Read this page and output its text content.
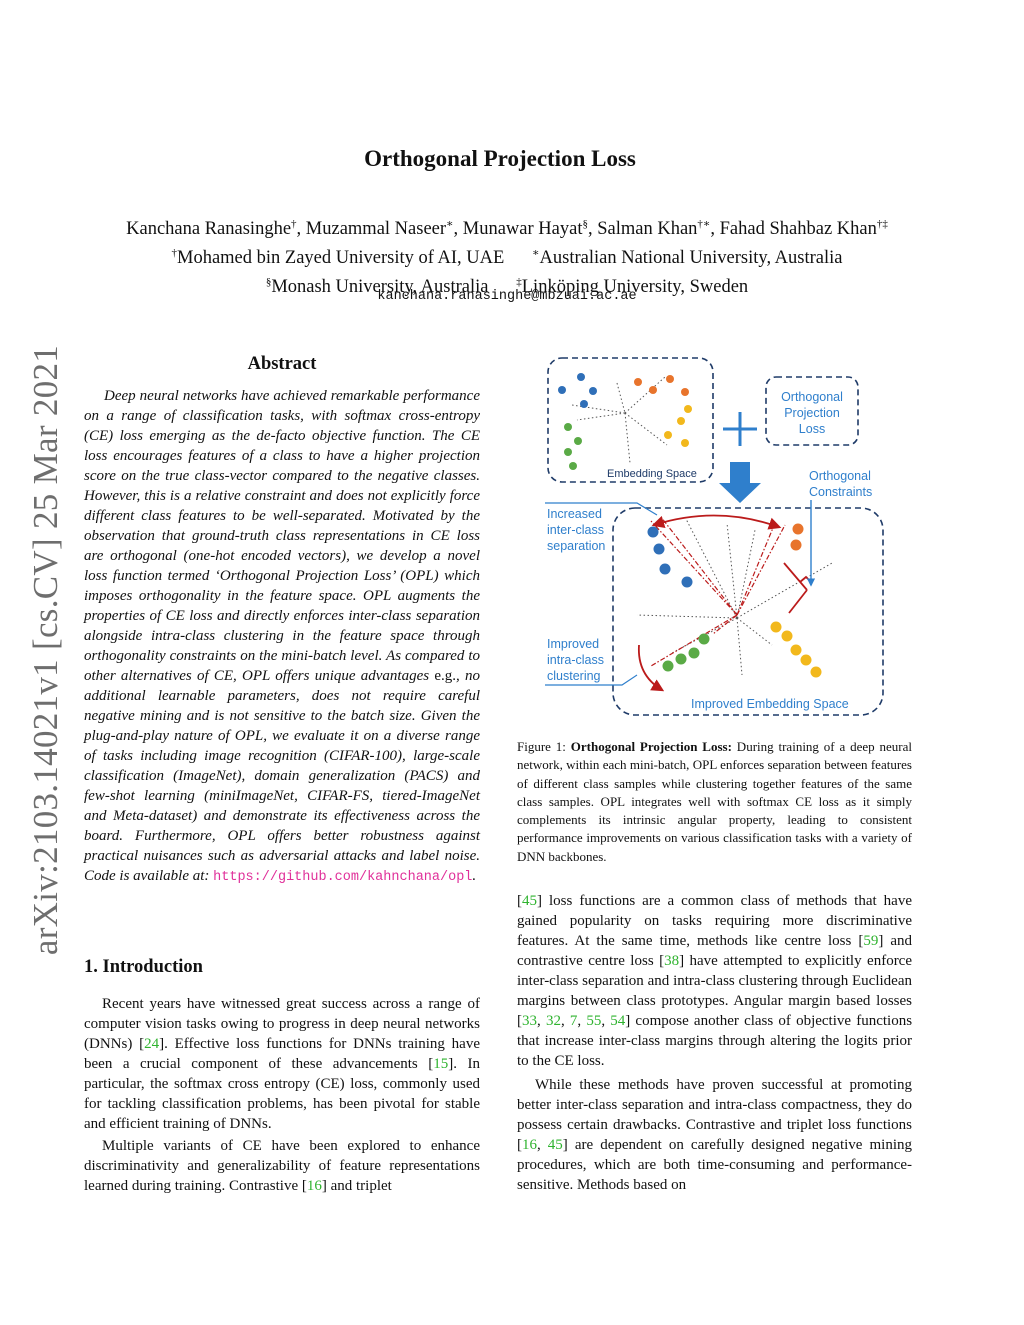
arXiv:2103.14021v1 [cs.CV] 25 Mar 2021
Orthogonal Projection Loss
Kanchana Ranasinghe†, Muzammal Naseer∗, Munawar Hayat§, Salman Khan†∗, Fahad Shahbaz Khan†‡
†Mohamed bin Zayed University of AI, UAE  	∗Australian National University, Australia
§Monash University, Australia  	‡Linköping University, Sweden
kanchana.ranasinghe@mbzuai.ac.ae
Abstract

Deep neural networks have achieved remarkable performance on a range of classification tasks, with softmax cross-entropy (CE) loss emerging as the de-facto objective function. The CE loss encourages features of a class to have a higher projection score on the true class-vector compared to the negative classes. However, this is a relative constraint and does not explicitly force different class features to be well-separated. Motivated by the observation that ground-truth class representations in CE loss are orthogonal (one-hot encoded vectors), we develop a novel loss function termed ‘Orthogonal Projection Loss’ (OPL) which imposes orthogonality in the feature space. OPL augments the properties of CE loss and directly enforces inter-class separation alongside intra-class clustering in the feature space through orthogonality constraints on the mini-batch level. As compared to other alternatives of CE, OPL offers unique advantages e.g., no additional learnable parameters, does not require careful negative mining and is not sensitive to the batch size. Given the plug-and-play nature of OPL, we evaluate it on a diverse range of tasks including image recognition (CIFAR-100), large-scale classification (ImageNet), domain generalization (PACS) and few-shot learning (miniImageNet, CIFAR-FS, tiered-ImageNet and Meta-dataset) and demonstrate its effectiveness across the board. Furthermore, OPL offers better robustness against practical nuisances such as adversarial attacks and label noise. Code is available at: https://github.com/kahnchana/opl.

1. Introduction

Recent years have witnessed great success across a range of computer vision tasks owing to progress in deep neural networks (DNNs) [24]. Effective loss functions for DNNs training have been a crucial component of these advancements [15]. In particular, the softmax cross entropy (CE) loss, commonly used for tackling classification problems, has been pivotal for stable and efficient training of DNNs.

Multiple variants of CE have been explored to enhance discriminativity and generalizability of feature representations learned during training. Contrastive [16] and triplet

[45] loss functions are a common class of methods that have gained popularity on tasks requiring more discriminative features. At the same time, methods like centre loss [59] and contrastive centre loss [38] have attempted to explicitly enforce inter-class separation and intra-class clustering through Euclidean margins between class prototypes. Angular margin based losses [33, 32, 7, 55, 54] compose another class of objective functions that increase inter-class margins through altering the logits prior to the CE loss.

While these methods have proven successful at promoting better inter-class separation and intra-class compactness, they do possess certain drawbacks. Contrastive and triplet loss functions [16, 45] are dependent on carefully designed negative mining procedures, which are both time-consuming and performance-sensitive. Methods based on

Embedding Space
Orthogonal
Projection
Loss
Orthogonal
Constraints
Increased
inter-class
separation
Improved
intra-class
clustering
Improved Embedding Space

Figure 1: Orthogonal Projection Loss: During training of a deep neural network, within each mini-batch, OPL enforces separation between features of different class samples while clustering together features of the same class samples. OPL integrates well with softmax CE loss as it simply complements its intrinsic angular property, leading to consistent performance improvements on various classification tasks with a variety of DNN backbones.
